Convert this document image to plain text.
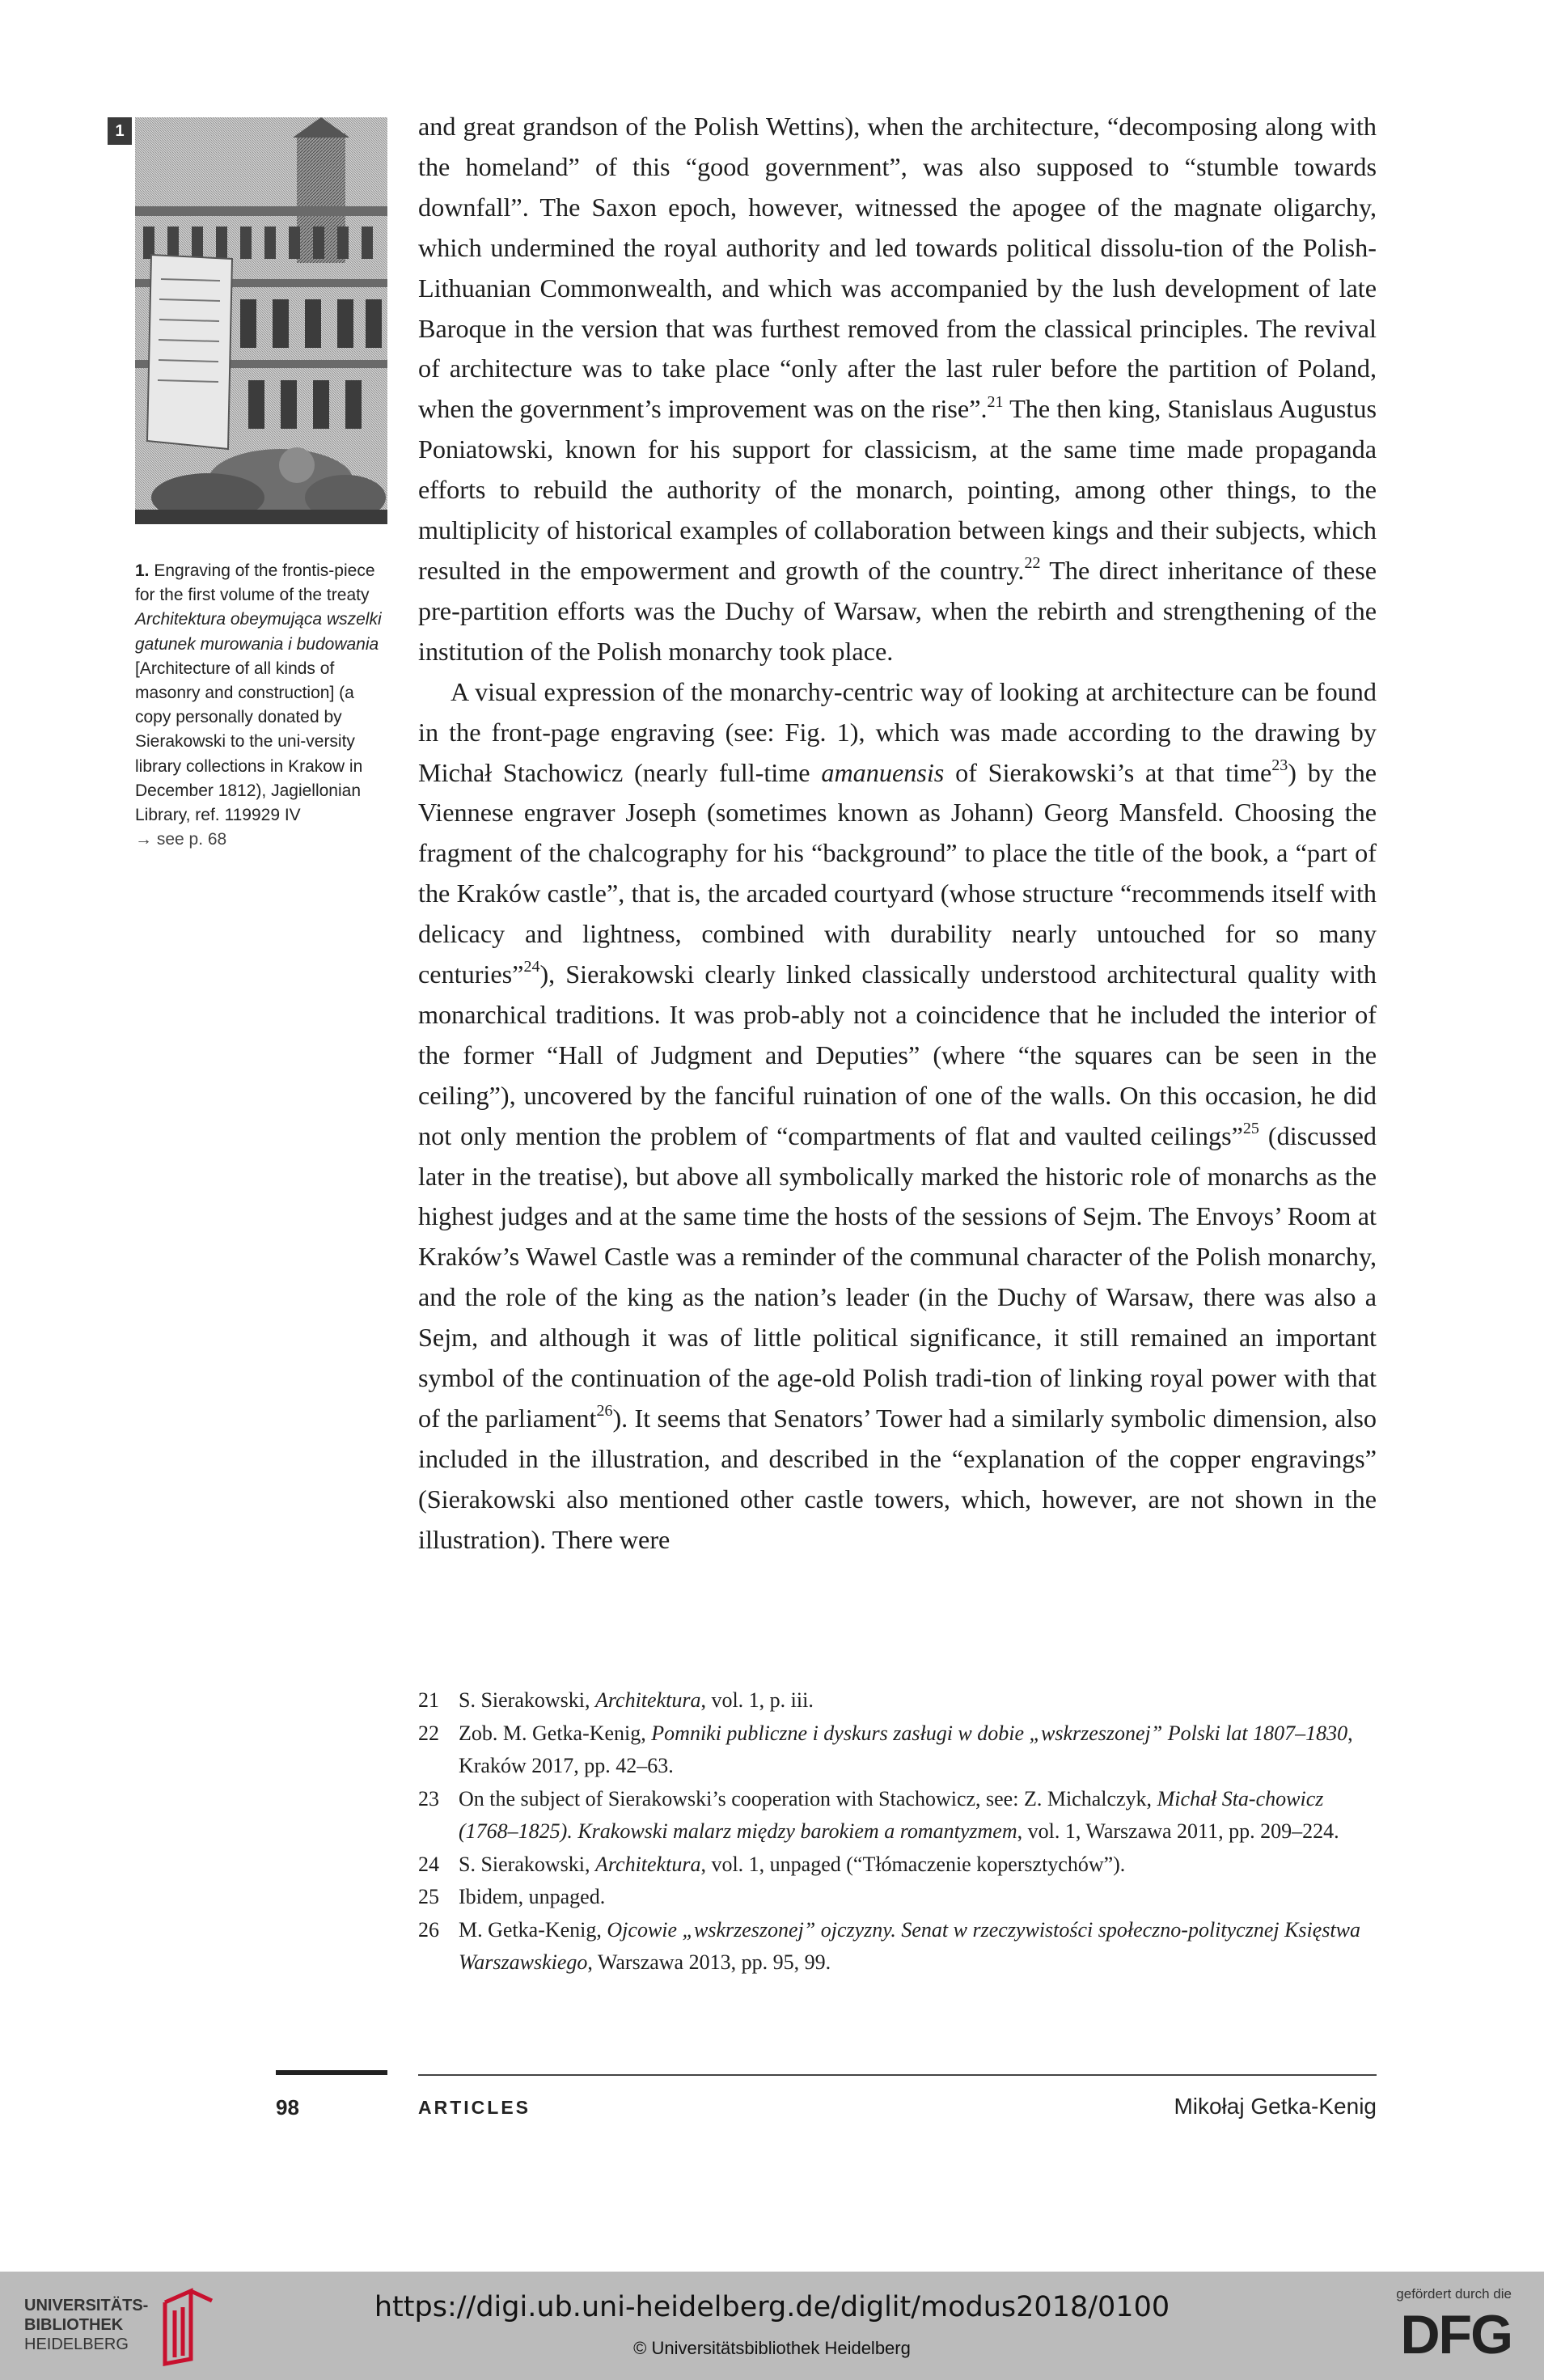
1
1. Engraving of the frontis-piece for the first volume of the treaty Architektura obeymująca wszelki gatunek murowania i budowania [Architecture of all kinds of masonry and construction] (a copy personally donated by Sierakowski to the uni-versity library collections in Krakow in December 1812), Jagiellonian Library, ref. 119929 IV
→ see p. 68

and great grandson of the Polish Wettins), when the architecture, “decomposing along with the homeland” of this “good government”, was also supposed to “stumble towards downfall”. The Saxon epoch, however, witnessed the apogee of the magnate oligarchy, which undermined the royal authority and led towards political dissolu-tion of the Polish-Lithuanian Commonwealth, and which was accompanied by the lush development of late Baroque in the version that was furthest removed from the classical principles. The revival of architecture was to take place “only after the last ruler before the partition of Poland, when the government’s improvement was on the rise”.$^{21}$ The then king, Stanislaus Augustus Poniatowski, known for his support for classicism, at the same time made propaganda efforts to rebuild the authority of the monarch, pointing, among other things, to the multiplicity of historical examples of collaboration between kings and their subjects, which resulted in the empowerment and growth of the country.$^{22}$ The direct inheritance of these pre-partition efforts was the Duchy of Warsaw, when the rebirth and strengthening of the institution of the Polish monarchy took place.

A visual expression of the monarchy-centric way of looking at architecture can be found in the front-page engraving (see: Fig. 1), which was made according to the drawing by Michał Stachowicz (nearly full-time amanuensis of Sierakowski’s at that time$^{23}$) by the Viennese engraver Joseph (sometimes known as Johann) Georg Mansfeld. Choosing the fragment of the chalcography for his “background” to place the title of the book, a “part of the Kraków castle”, that is, the arcaded courtyard (whose structure “recommends itself with delicacy and lightness, combined with durability nearly untouched for so many centuries”$^{24}$), Sierakowski clearly linked classically understood architectural quality with monarchical traditions. It was prob-ably not a coincidence that he included the interior of the former “Hall of Judgment and Deputies” (where “the squares can be seen in the ceiling”), uncovered by the fanciful ruination of one of the walls. On this occasion, he did not only mention the problem of “compartments of flat and vaulted ceilings”$^{25}$ (discussed later in the treatise), but above all symbolically marked the historic role of monarchs as the highest judges and at the same time the hosts of the sessions of Sejm. The Envoys’ Room at Kraków’s Wawel Castle was a reminder of the communal character of the Polish monarchy, and the role of the king as the nation’s leader (in the Duchy of Warsaw, there was also a Sejm, and although it was of little political significance, it still remained an important symbol of the continuation of the age-old Polish tradi-tion of linking royal power with that of the parliament$^{26}$). It seems that Senators’ Tower had a similarly symbolic dimension, also included in the illustration, and described in the “explanation of the copper engravings” (Sierakowski also mentioned other castle towers, which, however, are not shown in the illustration). There were

21 S. Sierakowski, Architektura, vol. 1, p. iii.
22 Zob. M. Getka-Kenig, Pomniki publiczne i dyskurs zasługi w dobie „wskrzeszonej” Polski lat 1807–1830, Kraków 2017, pp. 42–63.
23 On the subject of Sierakowski’s cooperation with Stachowicz, see: Z. Michalczyk, Michał Sta-chowicz (1768–1825). Krakowski malarz między barokiem a romantyzmem, vol. 1, Warszawa 2011, pp. 209–224.
24 S. Sierakowski, Architektura, vol. 1, unpaged (“Tłómaczenie kopersztychów”).
25 Ibidem, unpaged.
26 M. Getka-Kenig, Ojcowie „wskrzeszonej” ojczyzny. Senat w rzeczywistości społeczno-politycznej Księstwa Warszawskiego, Warszawa 2013, pp. 95, 99.
98	ARTICLES	Mikołaj Getka-Kenig
UNIVERSITÄTS-
BIBLIOTHEK
HEIDELBERG
https://digi.ub.uni-heidelberg.de/diglit/modus2018/0100
© Universitätsbibliothek Heidelberg
gefördert durch die
DFG
